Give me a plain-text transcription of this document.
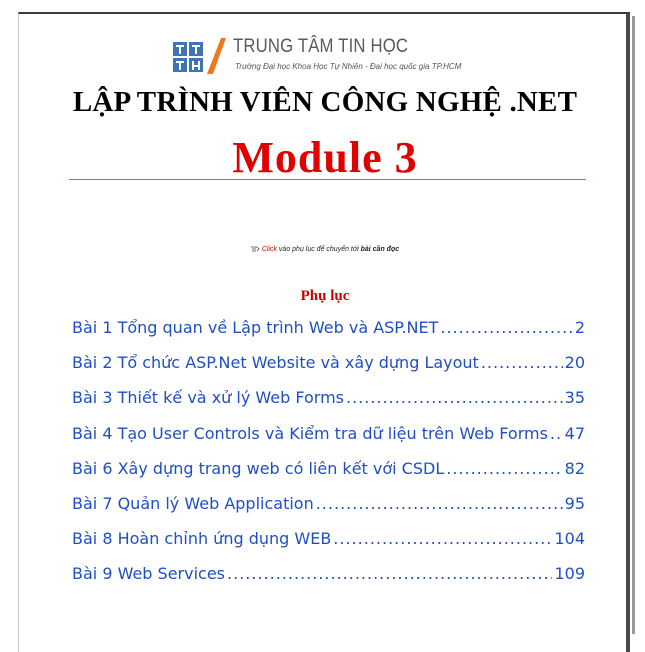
TRUNG TÂM TIN HỌC
Trường Đại học Khoa Học Tự Nhiên - Đại học quốc gia TP.HCM
LẬP TRÌNH VIÊN CÔNG NGHỆ .NET
Module 3
Click vào phụ lục để chuyển tới bài cần đọc
Phụ lục
Bài 1 Tổng quan về Lập trình Web và ASP.NET .....	2
Bài 2 Tổ chức ASP.Net Website và xây dựng Layout .....	20
Bài 3 Thiết kế và xử lý Web Forms .....	35
Bài 4 Tạo User Controls và Kiểm tra dữ liệu trên Web Forms ..... 47
Bài 6 Xây dựng trang web có liên kết với CSDL .....	82
Bài 7 Quản lý Web Application .....	95
Bài 8 Hoàn chỉnh ứng dụng WEB .....	104
Bài 9 Web Services .....	109
